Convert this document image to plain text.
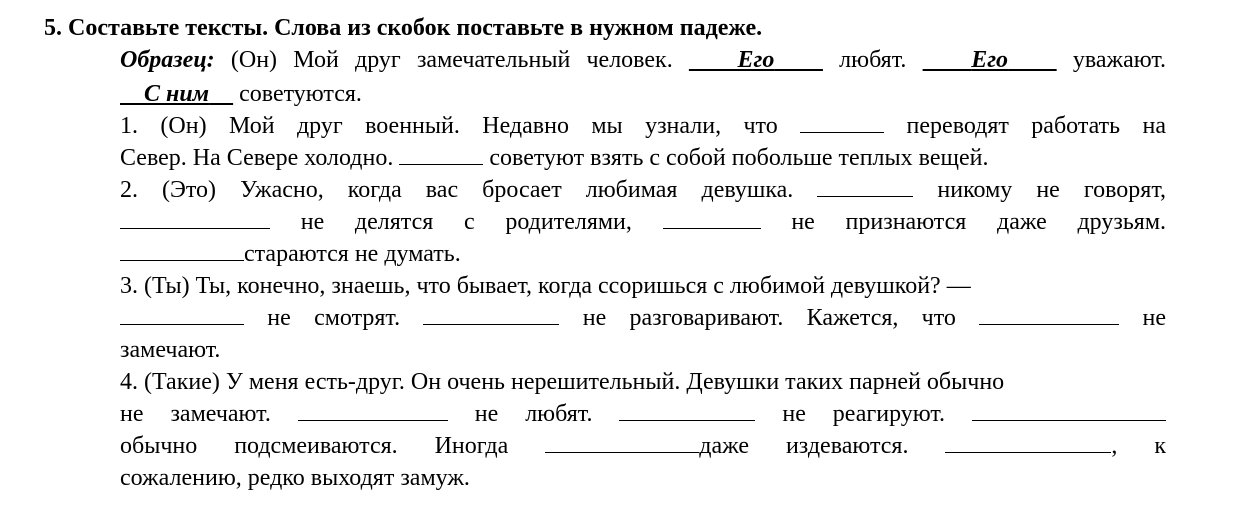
5. Составьте тексты. Слова из скобок поставьте в нужном падеже.
Образец: (Он) Мой друг замечательный человек.    Его	любят.    Его	уважают.
С ним     советуются.
1. (Он) Мой друг военный. Недавно мы узнали, что	переводят работать на
Север. На Севере холодно.	советуют взять с собой побольше теплых вещей.
2. (Это) Ужасно, когда вас бросает любимая девушка.	никому не говорят,
не делятся с родителями,	не признаются даже друзьям.
стараются не думать.
3. (Ты) Ты, конечно, знаешь, что бывает, когда ссоришься с любимой девушкой? —
не смотрят.	не разговаривают. Кажется, что	не
замечают.
4. (Такие) У меня есть-друг. Он очень нерешительный. Девушки таких парней обычно
не замечают.	не любят.	не реагируют.
обычно подсмеиваются. Иногда	даже издеваются.	, к
сожалению, редко выходят замуж.
